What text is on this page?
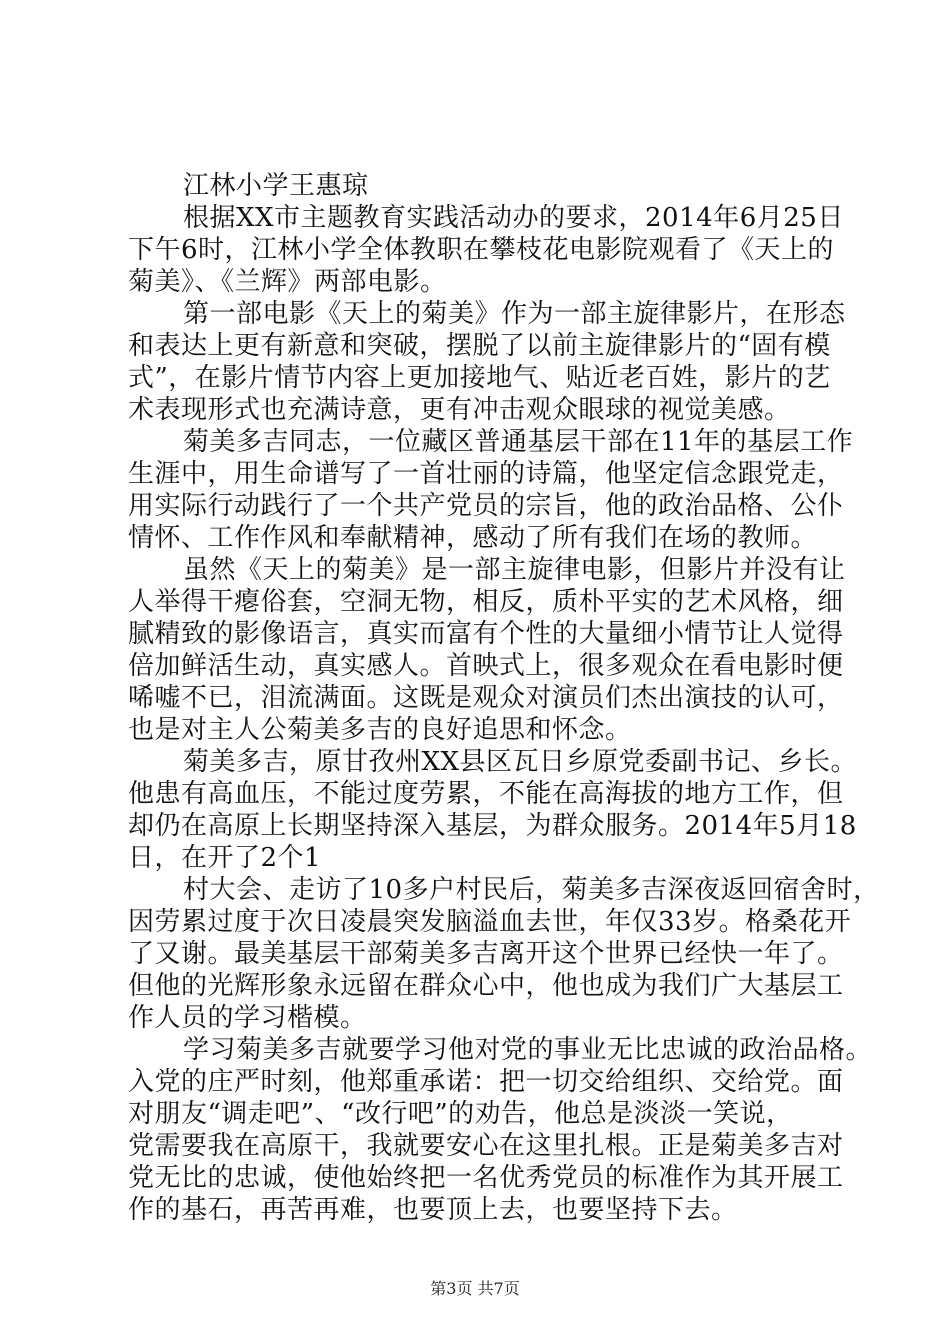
江林小学王惠琼
根据XX市主题教育实践活动办的要求，2014年6月25日
下午6时，江林小学全体教职在攀枝花电影院观看了《天上的
菊美》、《兰辉》两部电影。
第一部电影《天上的菊美》作为一部主旋律影片，在形态
和表达上更有新意和突破，摆脱了以前主旋律影片的“固有模
式”，在影片情节内容上更加接地气、贴近老百姓，影片的艺
术表现形式也充满诗意，更有冲击观众眼球的视觉美感。
菊美多吉同志，一位藏区普通基层干部在11年的基层工作
生涯中，用生命谱写了一首壮丽的诗篇，他坚定信念跟党走，
用实际行动践行了一个共产党员的宗旨，他的政治品格、公仆
情怀、工作作风和奉献精神，感动了所有我们在场的教师。
虽然《天上的菊美》是一部主旋律电影，但影片并没有让
人举得干瘪俗套，空洞无物，相反，质朴平实的艺术风格，细
腻精致的影像语言，真实而富有个性的大量细小情节让人觉得
倍加鲜活生动，真实感人。首映式上，很多观众在看电影时便
唏嘘不已，泪流满面。这既是观众对演员们杰出演技的认可，
也是对主人公菊美多吉的良好追思和怀念。
菊美多吉，原甘孜州XX县区瓦日乡原党委副书记、乡长。
他患有高血压，不能过度劳累，不能在高海拔的地方工作，但
却仍在高原上长期坚持深入基层，为群众服务。2014年5月18
日，在开了2个1
村大会、走访了10多户村民后，菊美多吉深夜返回宿舍时，
因劳累过度于次日凌晨突发脑溢血去世，年仅33岁。格桑花开
了又谢。最美基层干部菊美多吉离开这个世界已经快一年了。
但他的光辉形象永远留在群众心中，他也成为我们广大基层工
作人员的学习楷模。
学习菊美多吉就要学习他对党的事业无比忠诚的政治品格。
入党的庄严时刻，他郑重承诺：把一切交给组织、交给党。面
对朋友“调走吧”、“改行吧”的劝告，他总是淡淡一笑说，
党需要我在高原干，我就要安心在这里扎根。正是菊美多吉对
党无比的忠诚，使他始终把一名优秀党员的标准作为其开展工
作的基石，再苦再难，也要顶上去，也要坚持下去。
第3页 共7页
